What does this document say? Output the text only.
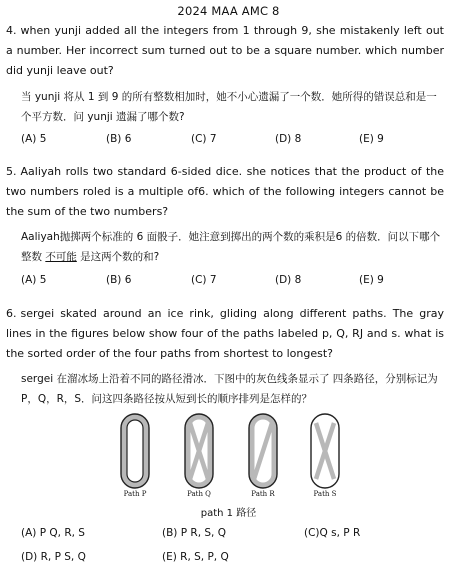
2024 MAA AMC 8
4. when yunji added all the integers from 1 through 9, she mistakenly left out a number. Her incorrect sum turned out to be a square number. which number did yunji leave out?
当 yunji 将从 1 到 9 的所有整数相加时，她不小心遗漏了一个数．她所得的错误总和是一个平方数．问 yunji 遗漏了哪个数?
(A) 5	(B) 6	(C) 7	(D) 8	(E) 9
5. Aaliyah rolls two standard 6-sided dice. she notices that the product of the two numbers roled is a multiple of6. which of the following integers cannot be the sum of the two numbers?
Aaliyah抛掷两个标准的 6 面骰子．她注意到掷出的两个数的乘积是6 的倍数．问以下哪个整数 不可能 是这两个数的和?
(A) 5	(B) 6	(C) 7	(D) 8	(E) 9
6. sergei skated around an ice rink, gliding along different paths. The gray lines in the figures below show four of the paths labeled p, Q, RJ and s. what is the sorted order of the four paths from shortest to longest?
sergei 在溜冰场上沿着不同的路径滑冰．下图中的灰色线条显示了 四条路径，分别标记为 P，Q，R，S．问这四条路径按从短到长的顺序排列是怎样的？
Path P	Path Q	Path R	Path S
path 1 路径
(A) P Q, R, S	(B) P R, S, Q	(C)Q s, P R
(D) R, P S, Q	(E) R, S, P, Q
